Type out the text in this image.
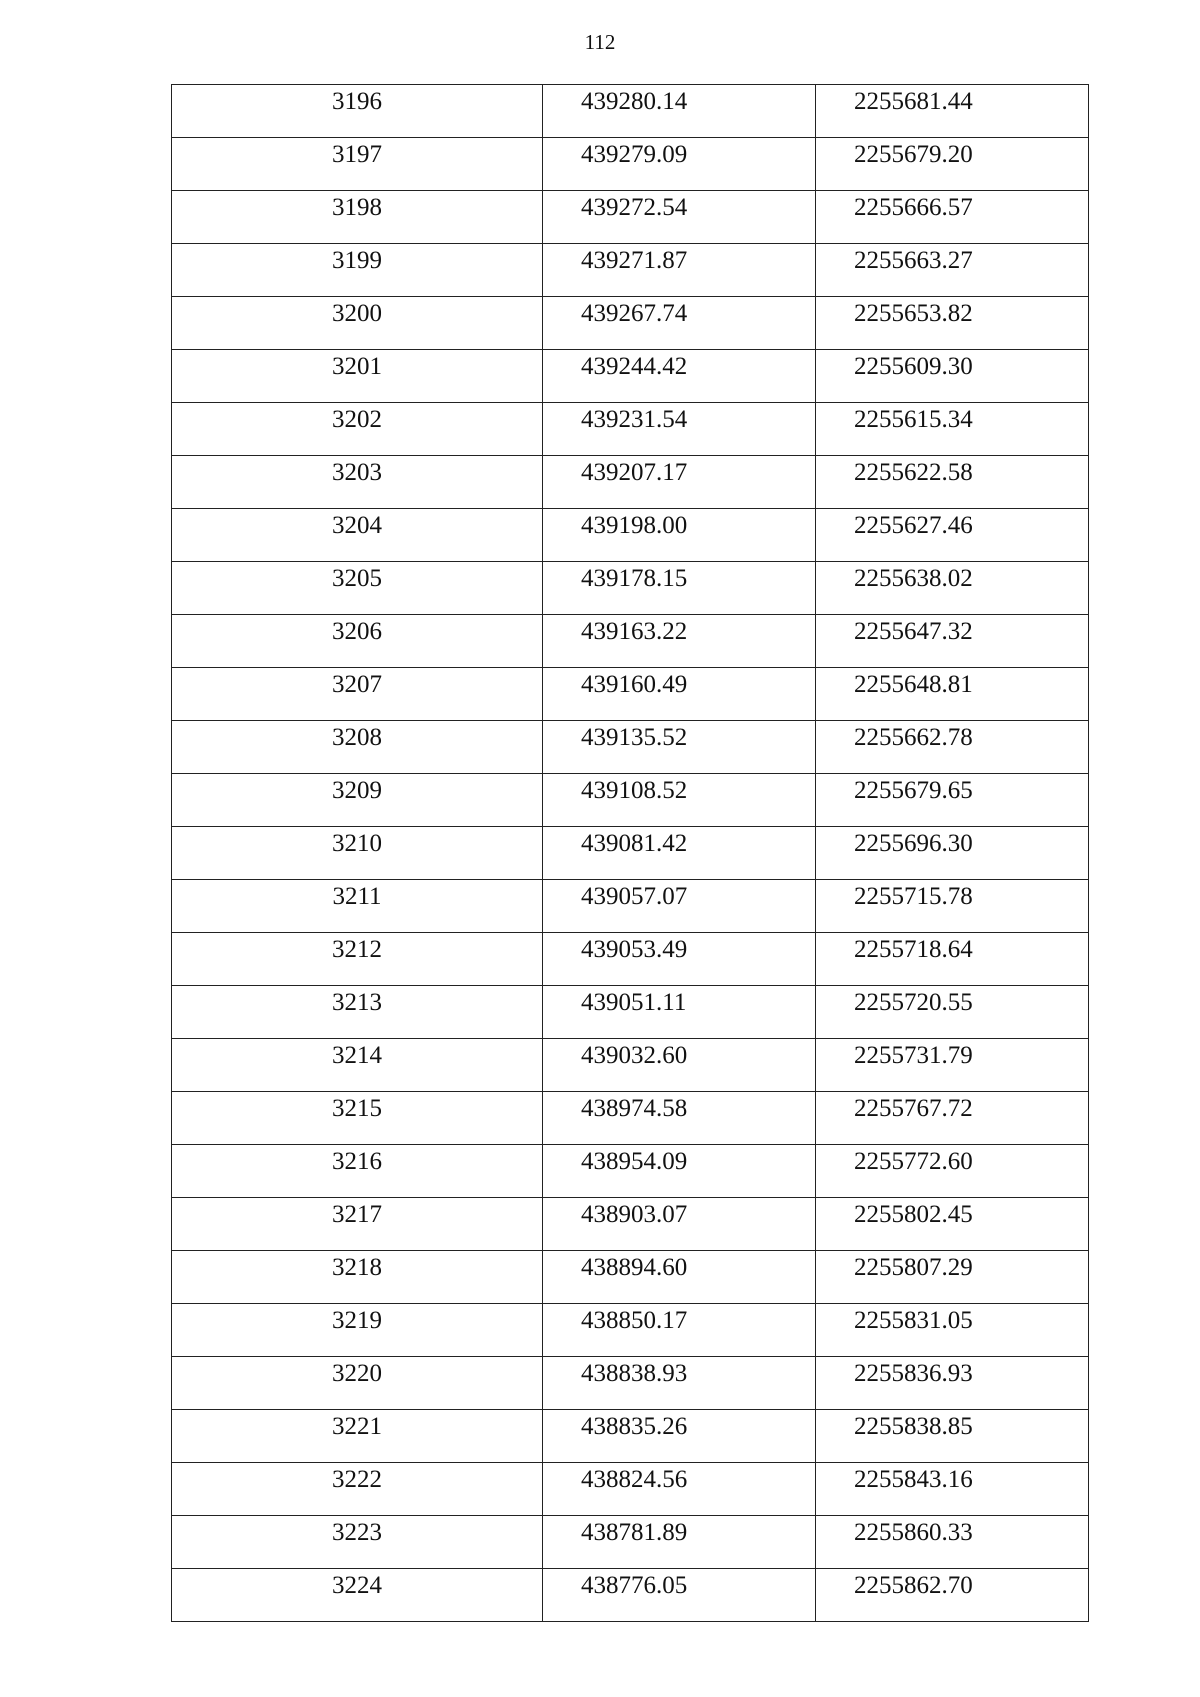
112
3196	439280.14	2255681.44
3197	439279.09	2255679.20
3198	439272.54	2255666.57
3199	439271.87	2255663.27
3200	439267.74	2255653.82
3201	439244.42	2255609.30
3202	439231.54	2255615.34
3203	439207.17	2255622.58
3204	439198.00	2255627.46
3205	439178.15	2255638.02
3206	439163.22	2255647.32
3207	439160.49	2255648.81
3208	439135.52	2255662.78
3209	439108.52	2255679.65
3210	439081.42	2255696.30
3211	439057.07	2255715.78
3212	439053.49	2255718.64
3213	439051.11	2255720.55
3214	439032.60	2255731.79
3215	438974.58	2255767.72
3216	438954.09	2255772.60
3217	438903.07	2255802.45
3218	438894.60	2255807.29
3219	438850.17	2255831.05
3220	438838.93	2255836.93
3221	438835.26	2255838.85
3222	438824.56	2255843.16
3223	438781.89	2255860.33
3224	438776.05	2255862.70
